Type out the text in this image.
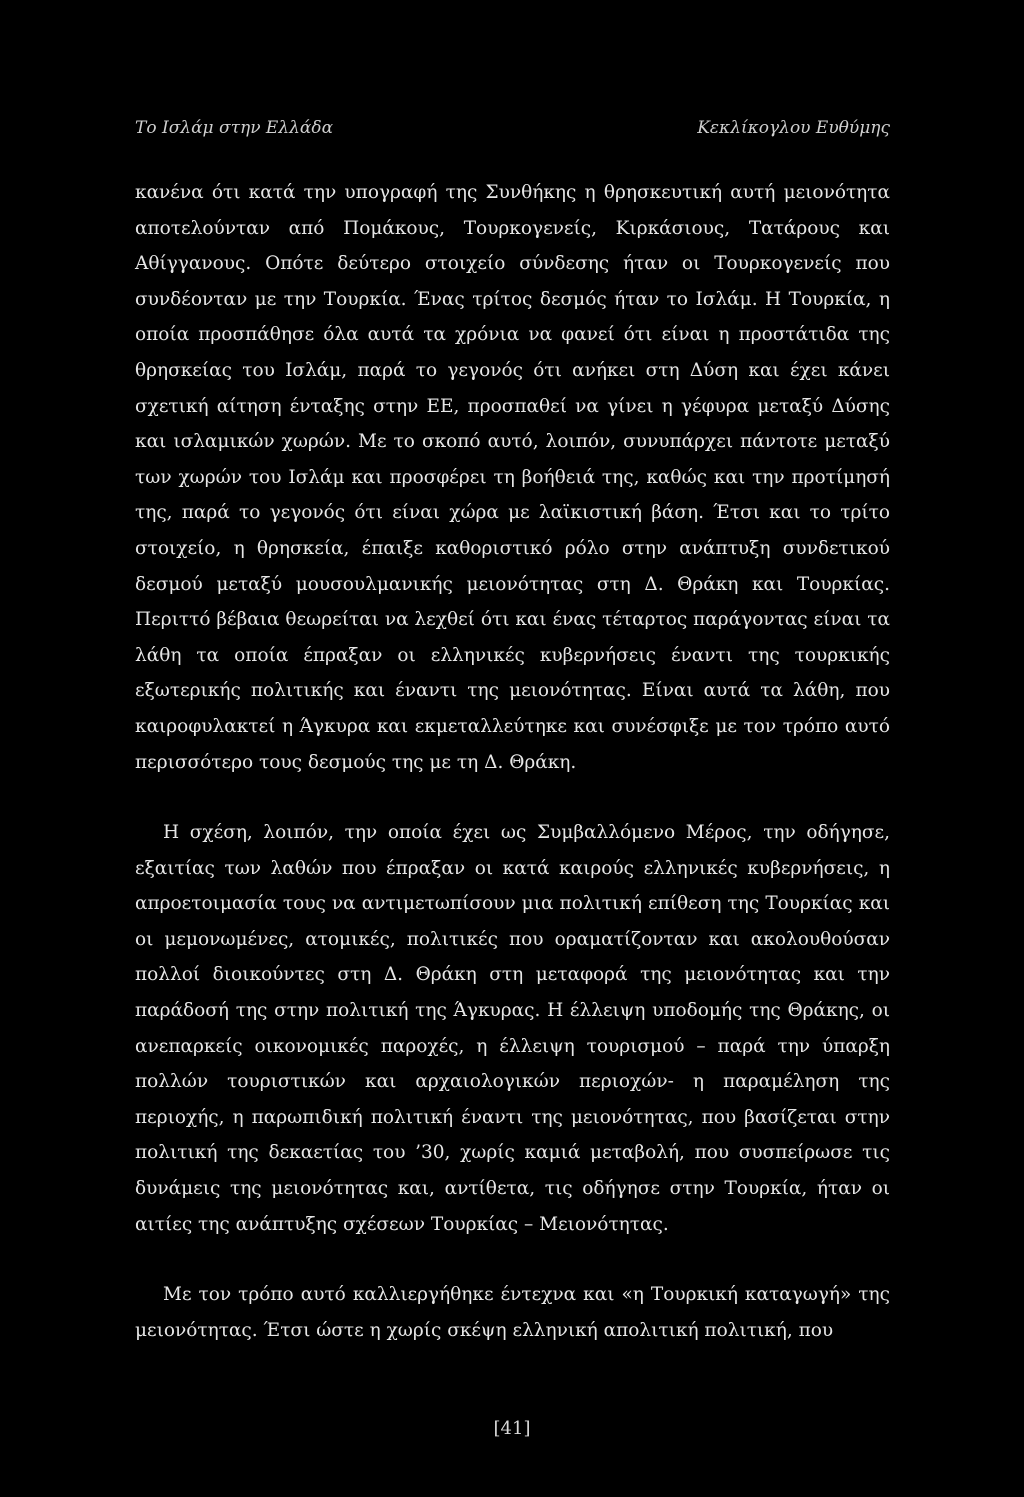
Το Ισλάμ στην Ελλάδα	Κεκλίκογλου Ευθύμης

κανένα ότι κατά την υπογραφή της Συνθήκης η θρησκευτική αυτή μειονότητα αποτελούνταν από Πομάκους, Τουρκογενείς, Κιρκάσιους, Τατάρους και Αθίγγανους. Οπότε δεύτερο στοιχείο σύνδεσης ήταν οι Τουρκογενείς που συνδέονταν με την Τουρκία. Ένας τρίτος δεσμός ήταν το Ισλάμ. Η Τουρκία, η οποία προσπάθησε όλα αυτά τα χρόνια να φανεί ότι είναι η προστάτιδα της θρησκείας του Ισλάμ, παρά το γεγονός ότι ανήκει στη Δύση και έχει κάνει σχετική αίτηση ένταξης στην ΕΕ, προσπαθεί να γίνει η γέφυρα μεταξύ Δύσης και ισλαμικών χωρών. Με το σκοπό αυτό, λοιπόν, συνυπάρχει πάντοτε μεταξύ των χωρών του Ισλάμ και προσφέρει τη βοήθειά της, καθώς και την προτίμησή της, παρά το γεγονός ότι είναι χώρα με λαϊκιστική βάση. Έτσι και το τρίτο στοιχείο, η θρησκεία, έπαιξε καθοριστικό ρόλο στην ανάπτυξη συνδετικού δεσμού μεταξύ μουσουλμανικής μειονότητας στη Δ. Θράκη και Τουρκίας. Περιττό βέβαια θεωρείται να λεχθεί ότι και ένας τέταρτος παράγοντας είναι τα λάθη τα οποία έπραξαν οι ελληνικές κυβερνήσεις έναντι της τουρκικής εξωτερικής πολιτικής και έναντι της μειονότητας. Είναι αυτά τα λάθη, που καιροφυλακτεί η Άγκυρα και εκμεταλλεύτηκε και συνέσφιξε με τον τρόπο αυτό περισσότερο τους δεσμούς της με τη Δ. Θράκη.

Η σχέση, λοιπόν, την οποία έχει ως Συμβαλλόμενο Μέρος, την οδήγησε, εξαιτίας των λαθών που έπραξαν οι κατά καιρούς ελληνικές κυβερνήσεις, η απροετοιμασία τους να αντιμετωπίσουν μια πολιτική επίθεση της Τουρκίας και οι μεμονωμένες, ατομικές, πολιτικές που οραματίζονταν και ακολουθούσαν πολλοί διοικούντες στη Δ. Θράκη στη μεταφορά της μειονότητας και την παράδοσή της στην πολιτική της Άγκυρας. Η έλλειψη υποδομής της Θράκης, οι ανεπαρκείς οικονομικές παροχές, η έλλειψη τουρισμού – παρά την ύπαρξη πολλών τουριστικών και αρχαιολογικών περιοχών- η παραμέληση της περιοχής, η παρωπιδική πολιτική έναντι της μειονότητας, που βασίζεται στην πολιτική της δεκαετίας του ’30, χωρίς καμιά μεταβολή, που συσπείρωσε τις δυνάμεις της μειονότητας και, αντίθετα, τις οδήγησε στην Τουρκία, ήταν οι αιτίες της ανάπτυξης σχέσεων Τουρκίας – Μειονότητας.

Με τον τρόπο αυτό καλλιεργήθηκε έντεχνα και «η Τουρκική καταγωγή» της μειονότητας. Έτσι ώστε η χωρίς σκέψη ελληνική απολιτική πολιτική, που

[41]
